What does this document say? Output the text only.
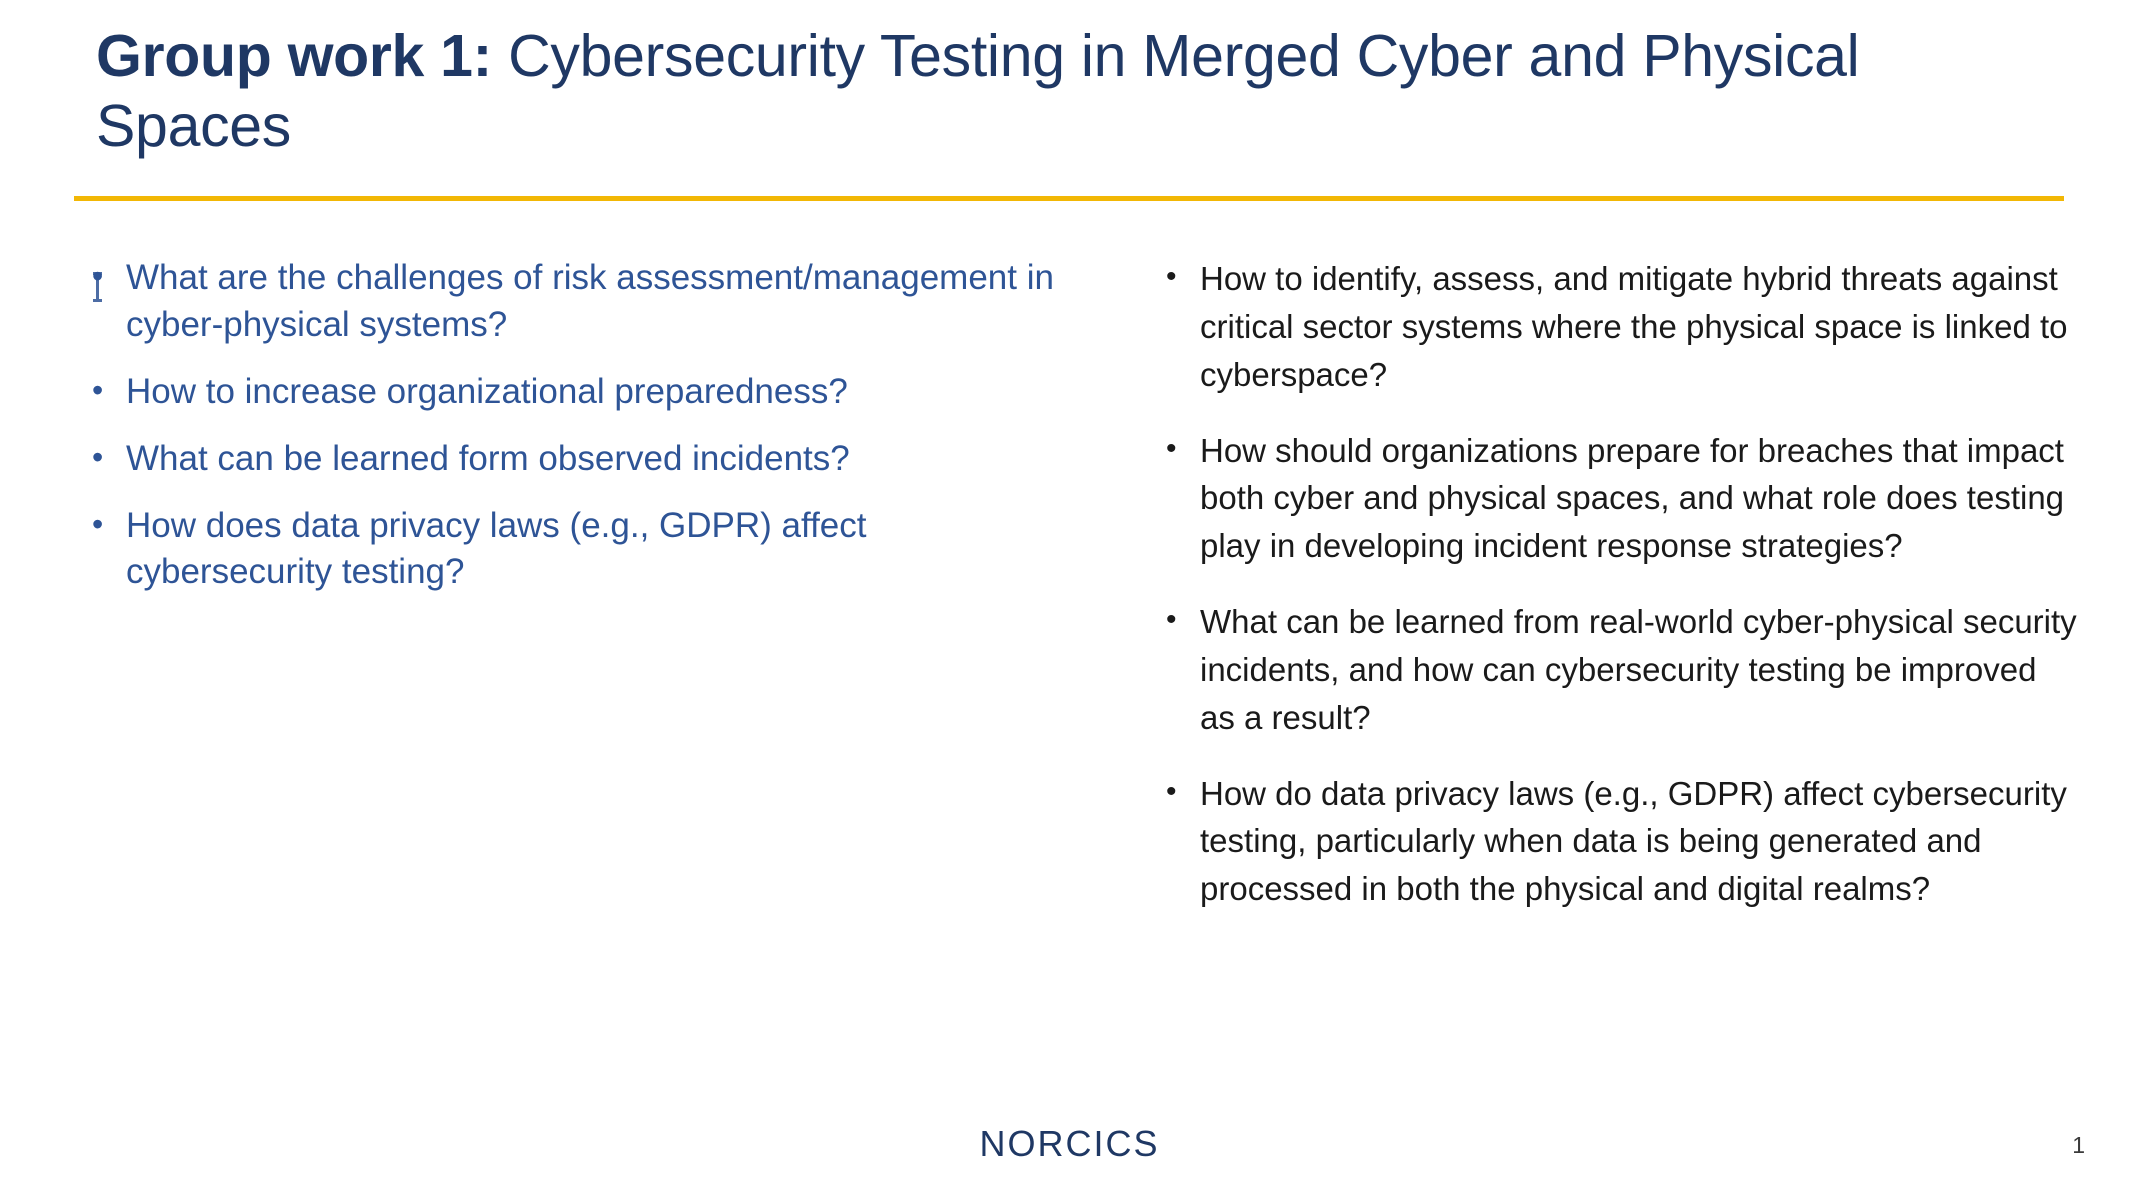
Group work 1: Cybersecurity Testing in Merged Cyber and Physical Spaces
• What are the challenges of risk assessment/management in cyber-physical systems?
• How to increase organizational preparedness?
• What can be learned form observed incidents?
• How does data privacy laws (e.g., GDPR) affect cybersecurity testing?
• How to identify, assess, and mitigate hybrid threats against critical sector systems where the physical space is linked to cyberspace?
• How should organizations prepare for breaches that impact both cyber and physical spaces, and what role does testing play in developing incident response strategies?
• What can be learned from real-world cyber-physical security incidents, and how can cybersecurity testing be improved as a result?
• How do data privacy laws (e.g., GDPR) affect cybersecurity testing, particularly when data is being generated and processed in both the physical and digital realms?
NORCICS	1
